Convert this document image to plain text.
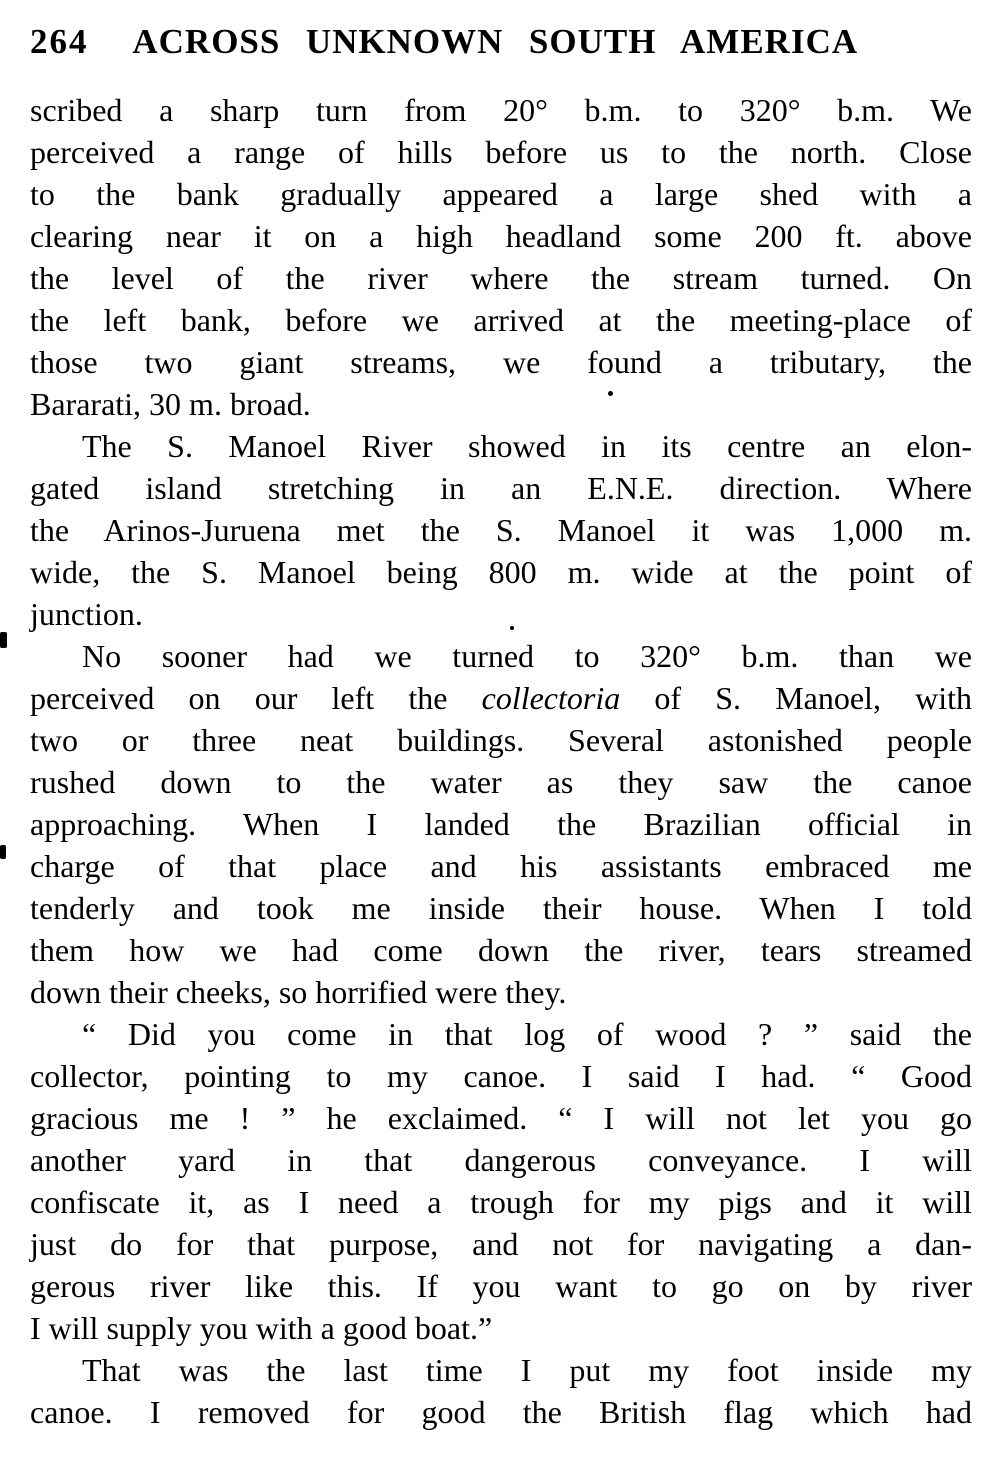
264	ACROSS UNKNOWN SOUTH AMERICA
scribed a sharp turn from 20° b.m. to 320° b.m. We
perceived a range of hills before us to the north. Close
to the bank gradually appeared a large shed with a
clearing near it on a high headland some 200 ft. above
the level of the river where the stream turned. On
the left bank, before we arrived at the meeting-place of
those two giant streams, we found a tributary, the
Bararati, 30 m. broad.
The S. Manoel River showed in its centre an elon-
gated island stretching in an E.N.E. direction. Where
the Arinos-Juruena met the S. Manoel it was 1,000 m.
wide, the S. Manoel being 800 m. wide at the point of
junction.
No sooner had we turned to 320° b.m. than we
perceived on our left the collectoria of S. Manoel, with
two or three neat buildings. Several astonished people
rushed down to the water as they saw the canoe
approaching. When I landed the Brazilian official in
charge of that place and his assistants embraced me
tenderly and took me inside their house. When I told
them how we had come down the river, tears streamed
down their cheeks, so horrified were they.
“ Did you come in that log of wood ? ” said the
collector, pointing to my canoe. I said I had. “ Good
gracious me ! ” he exclaimed. “ I will not let you go
another yard in that dangerous conveyance. I will
confiscate it, as I need a trough for my pigs and it will
just do for that purpose, and not for navigating a dan-
gerous river like this. If you want to go on by river
I will supply you with a good boat.”
That was the last time I put my foot inside my
canoe. I removed for good the British flag which had
